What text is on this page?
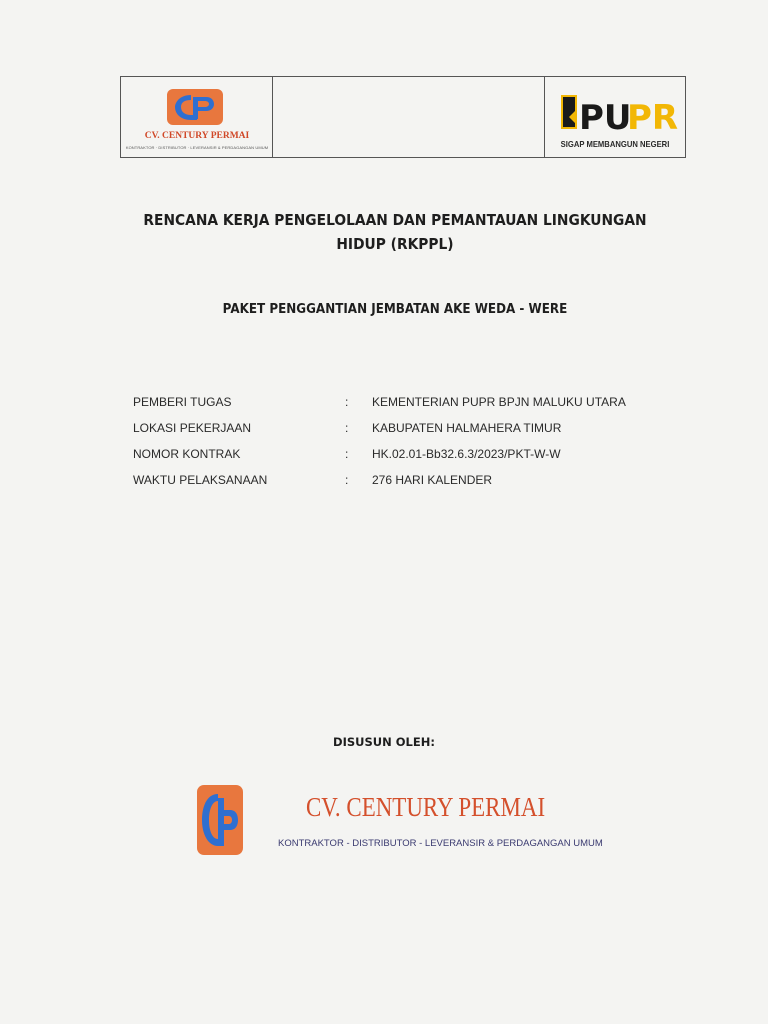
CV. CENTURY PERMAI
KONTRAKTOR · DISTRIBUTOR · LEVERANSIR & PERDAGANGAN UMUM
PU
PR
SIGAP MEMBANGUN NEGERI
RENCANA KERJA PENGELOLAAN DAN PEMANTAUAN LINGKUNGAN
HIDUP (RKPPL)
PAKET PENGGANTIAN JEMBATAN AKE WEDA - WERE
PEMBERI TUGAS	: KEMENTERIAN PUPR BPJN MALUKU UTARA
LOKASI PEKERJAAN	: KABUPATEN HALMAHERA TIMUR
NOMOR KONTRAK	: HK.02.01-Bb32.6.3/2023/PKT-W-W
WAKTU PELAKSANAAN	: 276 HARI KALENDER
DISUSUN OLEH:
CV. CENTURY PERMAI
KONTRAKTOR - DISTRIBUTOR - LEVERANSIR & PERDAGANGAN UMUM
